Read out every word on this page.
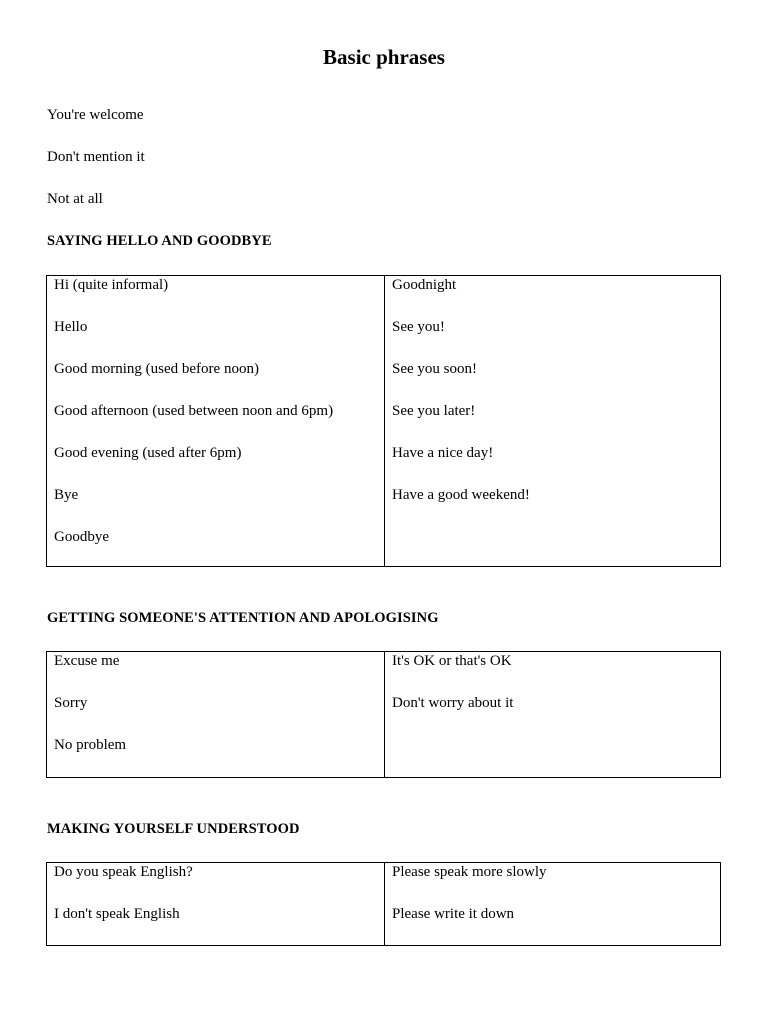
Basic phrases
You're welcome
Don't mention it
Not at all
SAYING HELLO AND GOODBYE
Hi (quite informal)
Hello
Good morning (used before noon)
Good afternoon (used between noon and 6pm)
Good evening (used after 6pm)
Bye
Goodbye
Goodnight
See you!
See you soon!
See you later!
Have a nice day!
Have a good weekend!
GETTING SOMEONE'S ATTENTION AND APOLOGISING
Excuse me
Sorry
No problem
It's OK or that's OK
Don't worry about it
MAKING YOURSELF UNDERSTOOD
Do you speak English?
I don't speak English
Please speak more slowly
Please write it down
